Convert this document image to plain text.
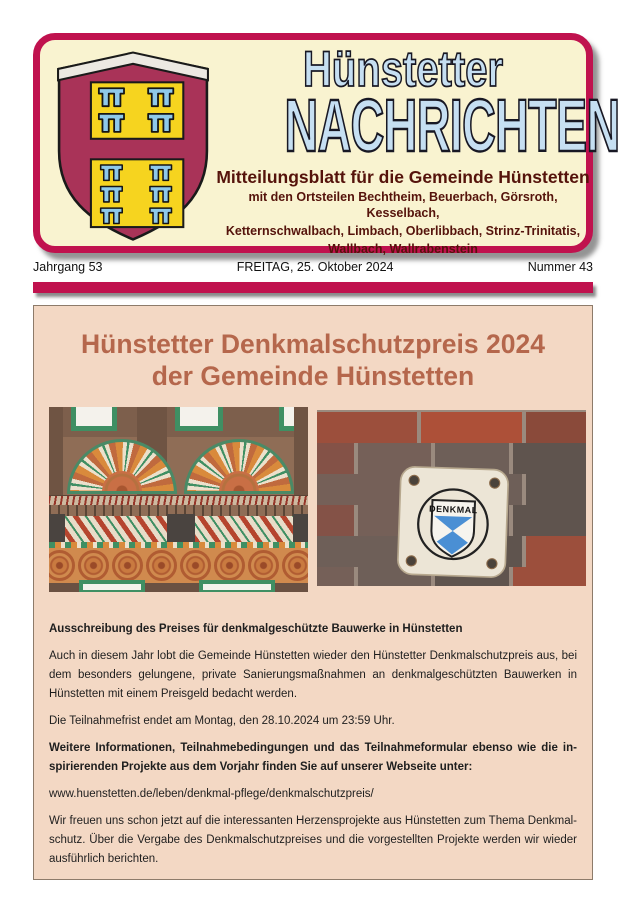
Hünstetter
NACHRICHTEN
Mitteilungsblatt für die Gemeinde Hünstetten
mit den Ortsteilen Bechtheim, Beuerbach, Görsroth, Kesselbach,
Ketternschwalbach, Limbach, Oberlibbach, Strinz-Trinitatis,
Wallbach, Wallrabenstein
Jahrgang 53	FREITAG, 25. Oktober 2024	Nummer 43
Hünstetter Denkmalschutzpreis 2024
der Gemeinde Hünstetten
DENKMAL

Ausschreibung des Preises für denkmalgeschützte Bauwerke in Hünstetten

Auch in diesem Jahr lobt die Gemeinde Hünstetten wieder den Hünstetter Denkmalschutzpreis aus, bei dem besonders gelungene, private Sanierungsmaßnahmen an denkmalgeschützten Bauwerken in Hünstetten mit einem Preisgeld bedacht werden.

Die Teilnahmefrist endet am Montag, den 28.10.2024 um 23:59 Uhr.

Weitere Informationen, Teilnahmebedingungen und das Teilnahmeformular ebenso wie die inspirierenden Projekte aus dem Vorjahr finden Sie auf unserer Webseite unter:

www.huenstetten.de/leben/denkmal-pflege/denkmalschutzpreis/

Wir freuen uns schon jetzt auf die interessanten Herzensprojekte aus Hünstetten zum Thema Denkmalschutz. Über die Vergabe des Denkmalschutzpreises und die vorgestellten Projekte werden wir wieder ausführlich berichten.
